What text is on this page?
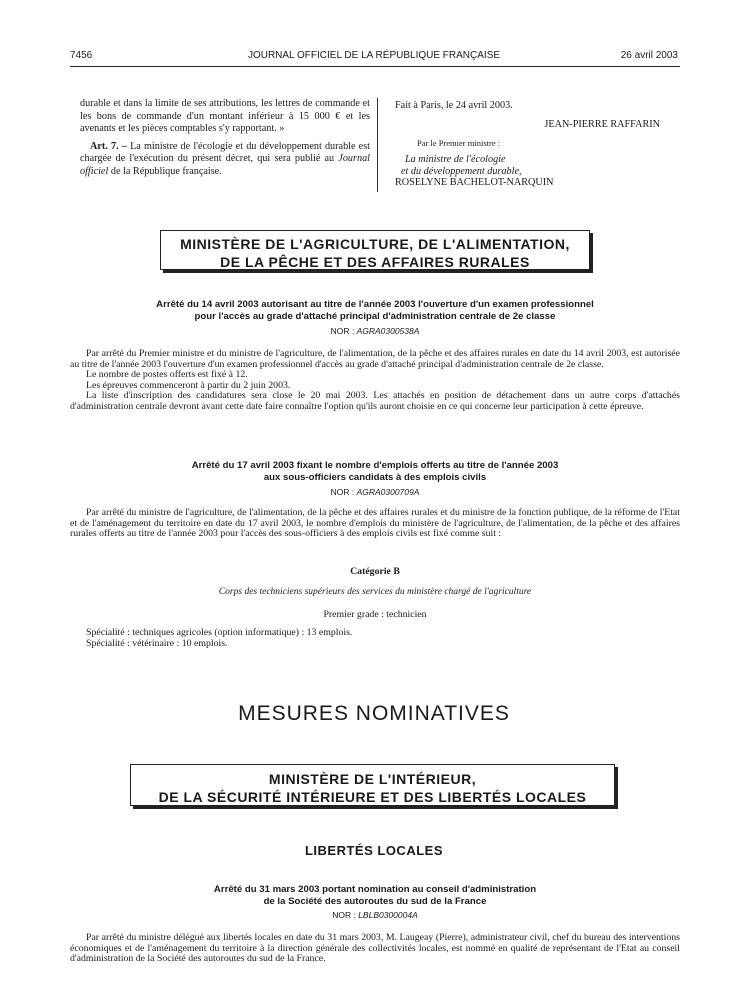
7456	JOURNAL OFFICIEL DE LA RÉPUBLIQUE FRANÇAISE	26 avril 2003

durable et dans la limite de ses attributions, les lettres de commande et les bons de commande d'un montant inférieur à 15 000 € et les avenants et les pièces comptables s'y rapportant. »

Art. 7. – La ministre de l'écologie et du développement durable est chargée de l'exécution du présent décret, qui sera publié au Journal officiel de la République française.

Fait à Paris, le 24 avril 2003.
JEAN-PIERRE RAFFARIN
Par le Premier ministre :
La ministre de l'écologie
et du développement durable,
ROSELYNE BACHELOT-NARQUIN
MINISTÈRE DE L'AGRICULTURE, DE L'ALIMENTATION,
DE LA PÊCHE ET DES AFFAIRES RURALES
Arrêté du 14 avril 2003 autorisant au titre de l'année 2003 l'ouverture d'un examen professionnel
pour l'accès au grade d'attaché principal d'administration centrale de 2e classe
NOR : AGRA0300538A

Par arrêté du Premier ministre et du ministre de l'agriculture, de l'alimentation, de la pêche et des affaires rurales en date du 14 avril 2003, est autorisée au titre de l'année 2003 l'ouverture d'un examen professionnel d'accès au grade d'attaché principal d'administration centrale de 2e classe.

Le nombre de postes offerts est fixé à 12.

Les épreuves commenceront à partir du 2 juin 2003.

La liste d'inscription des candidatures sera close le 20 mai 2003. Les attachés en position de détachement dans un autre corps d'attachés d'administration centrale devront avant cette date faire connaître l'option qu'ils auront choisie en ce qui concerne leur participation à cette épreuve.

Arrêté du 17 avril 2003 fixant le nombre d'emplois offerts au titre de l'année 2003
aux sous-officiers candidats à des emplois civils
NOR : AGRA0300709A

Par arrêté du ministre de l'agriculture, de l'alimentation, de la pêche et des affaires rurales et du ministre de la fonction publique, de la réforme de l'Etat et de l'aménagement du territoire en date du 17 avril 2003, le nombre d'emplois du ministère de l'agriculture, de l'alimentation, de la pêche et des affaires rurales offerts au titre de l'année 2003 pour l'accès des sous-officiers à des emplois civils est fixé comme suit :

Catégorie B
Corps des techniciens supérieurs des services du ministère chargé de l'agriculture
Premier grade : technicien
Spécialité : techniques agricoles (option informatique) : 13 emplois.
Spécialité : vétérinaire : 10 emplois.
MESURES NOMINATIVES
MINISTÈRE DE L'INTÉRIEUR,
DE LA SÉCURITÉ INTÉRIEURE ET DES LIBERTÉS LOCALES
LIBERTÉS LOCALES
Arrêté du 31 mars 2003 portant nomination au conseil d'administration
de la Société des autoroutes du sud de la France
NOR : LBLB0300004A

Par arrêté du ministre délégué aux libertés locales en date du 31 mars 2003, M. Laugeay (Pierre), administrateur civil, chef du bureau des interventions économiques et de l'aménagement du territoire à la direction générale des collectivités locales, est nommé en qualité de représentant de l'Etat au conseil d'administration de la Société des autoroutes du sud de la France.
